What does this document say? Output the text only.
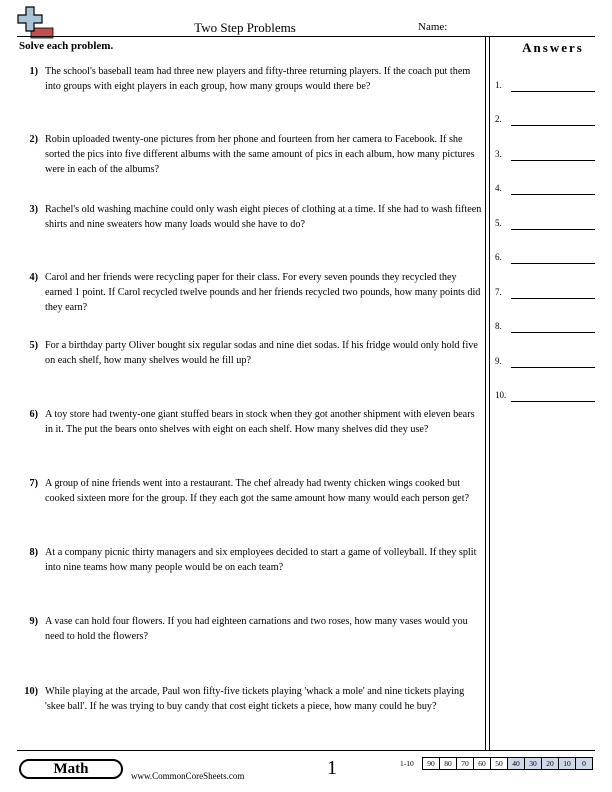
Two Step Problems	Name:
Solve each problem.	Answers
1) The school's baseball team had three new players and fifty-three returning players. If the coach put them into groups with eight players in each group, how many groups would there be?
2) Robin uploaded twenty-one pictures from her phone and fourteen from her camera to Facebook. If she sorted the pics into five different albums with the same amount of pics in each album, how many pictures were in each of the albums?
3) Rachel's old washing machine could only wash eight pieces of clothing at a time. If she had to wash fifteen shirts and nine sweaters how many loads would she have to do?
4) Carol and her friends were recycling paper for their class. For every seven pounds they recycled they earned 1 point. If Carol recycled twelve pounds and her friends recycled two pounds, how many points did they earn?
5) For a birthday party Oliver bought six regular sodas and nine diet sodas. If his fridge would only hold five on each shelf, how many shelves would he fill up?
6) A toy store had twenty-one giant stuffed bears in stock when they got another shipment with eleven bears in it. The put the bears onto shelves with eight on each shelf. How many shelves did they use?
7) A group of nine friends went into a restaurant. The chef already had twenty chicken wings cooked but cooked sixteen more for the group. If they each got the same amount how many would each person get?
8) At a company picnic thirty managers and six employees decided to start a game of volleyball. If they split into nine teams how many people would be on each team?
9) A vase can hold four flowers. If you had eighteen carnations and two roses, how many vases would you need to hold the flowers?
10) While playing at the arcade, Paul won fifty-five tickets playing 'whack a mole' and nine tickets playing 'skee ball'. If he was trying to buy candy that cost eight tickets a piece, how many could he buy?
1.
2.
3.
4.
5.
6.
7.
8.
9.
10.
Math	www.CommonCoreSheets.com	1	1-10	90	80	70	60	50	40	30	20	10	0
